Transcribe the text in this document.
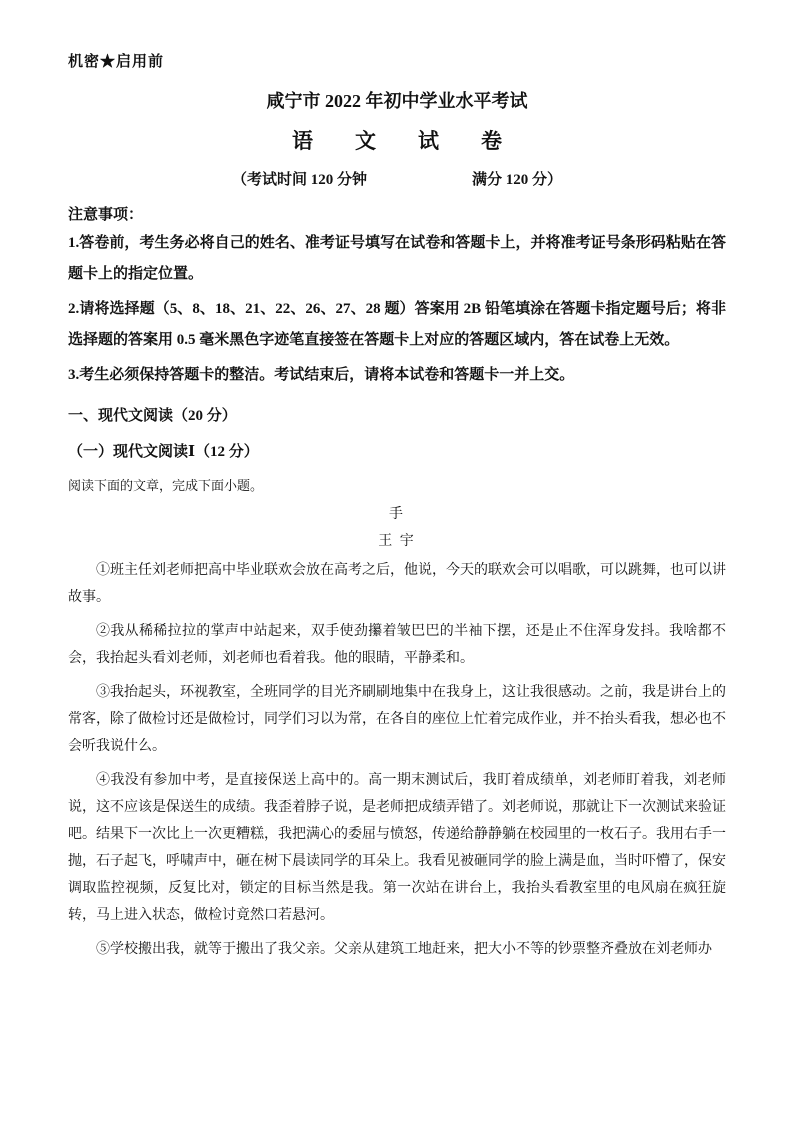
机密★启用前
咸宁市 2022 年初中学业水平考试
语　　文　　试　　卷
（考试时间 120 分钟　　　　　　　满分 120 分）
注意事项：

1.答卷前，考生务必将自己的姓名、准考证号填写在试卷和答题卡上，并将准考证号条形码粘贴在答题卡上的指定位置。

2.请将选择题（5、8、18、21、22、26、27、28 题）答案用 2B 铅笔填涂在答题卡指定题号后；将非选择题的答案用 0.5 毫米黑色字迹笔直接签在答题卡上对应的答题区域内，答在试卷上无效。

3.考生必须保持答题卡的整洁。考试结束后，请将本试卷和答题卡一并上交。

一、现代文阅读（20 分）
（一）现代文阅读Ⅰ（12 分）

阅读下面的文章，完成下面小题。

手
王 宇

①班主任刘老师把高中毕业联欢会放在高考之后，他说，今天的联欢会可以唱歌，可以跳舞，也可以讲故事。

②我从稀稀拉拉的掌声中站起来，双手使劲攥着皱巴巴的半袖下摆，还是止不住浑身发抖。我啥都不会，我抬起头看刘老师，刘老师也看着我。他的眼睛，平静柔和。

③我抬起头，环视教室，全班同学的目光齐刷刷地集中在我身上，这让我很感动。之前，我是讲台上的常客，除了做检讨还是做检讨，同学们习以为常，在各自的座位上忙着完成作业，并不抬头看我，想必也不会听我说什么。

④我没有参加中考，是直接保送上高中的。高一期末测试后，我盯着成绩单，刘老师盯着我，刘老师说，这不应该是保送生的成绩。我歪着脖子说，是老师把成绩弄错了。刘老师说，那就让下一次测试来验证吧。结果下一次比上一次更糟糕，我把满心的委屈与愤怒，传递给静静躺在校园里的一枚石子。我用右手一抛，石子起飞，呼啸声中，砸在树下晨读同学的耳朵上。我看见被砸同学的脸上满是血，当时吓懵了，保安调取监控视频，反复比对，锁定的目标当然是我。第一次站在讲台上，我抬头看教室里的电风扇在疯狂旋转，马上进入状态，做检讨竟然口若悬河。

⑤学校搬出我，就等于搬出了我父亲。父亲从建筑工地赶来，把大小不等的钞票整齐叠放在刘老师办
